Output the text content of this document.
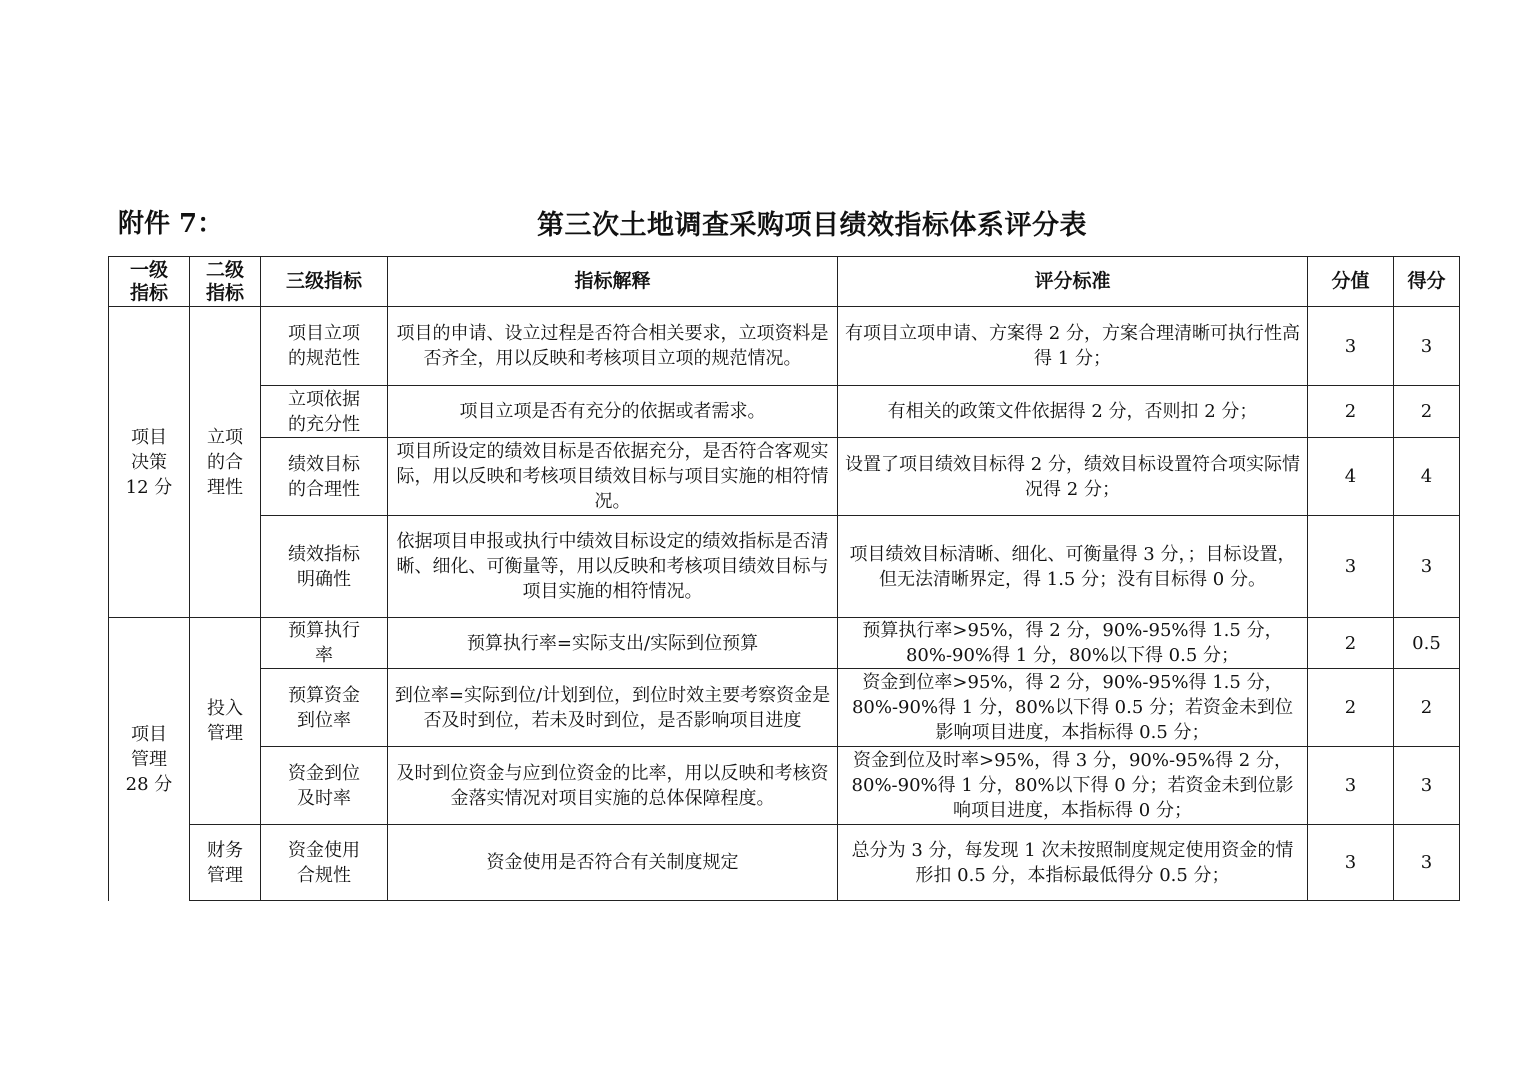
附件 7：	第三次土地调查采购项目绩效指标体系评分表
一级
指标	二级
指标	三级指标	指标解释	评分标准	分值	得分
项目
决策
12 分	立项
的合
理性	项目立项
的规范性	项目的申请、设立过程是否符合相关要求，立项资料是否齐全，用以反映和考核项目立项的规范情况。	有项目立项申请、方案得 2 分，方案合理清晰可执行性高得 1 分；	3	3
		立项依据
的充分性	项目立项是否有充分的依据或者需求。	有相关的政策文件依据得 2 分，否则扣 2 分；	2	2
		绩效目标
的合理性	项目所设定的绩效目标是否依据充分，是否符合客观实际，用以反映和考核项目绩效目标与项目实施的相符情况。	设置了项目绩效目标得 2 分，绩效目标设置符合项实际情况得 2 分；	4	4
		绩效指标
明确性	依据项目申报或执行中绩效目标设定的绩效指标是否清晰、细化、可衡量等，用以反映和考核项目绩效目标与项目实施的相符情况。	项目绩效目标清晰、细化、可衡量得 3 分，；目标设置，但无法清晰界定，得 1.5 分；没有目标得 0 分。	3	3
项目
管理
28 分	投入
管理	预算执行
率	预算执行率=实际支出/实际到位预算	预算执行率>95%，得 2 分，90%-95%得 1.5 分，80%-90%得 1 分，80%以下得 0.5 分；	2	0.5
		预算资金
到位率	到位率=实际到位/计划到位，到位时效主要考察资金是否及时到位，若未及时到位，是否影响项目进度	资金到位率>95%，得 2 分，90%-95%得 1.5 分，80%-90%得 1 分，80%以下得 0.5 分；若资金未到位影响项目进度，本指标得 0.5 分；	2	2
		资金到位
及时率	及时到位资金与应到位资金的比率，用以反映和考核资金落实情况对项目实施的总体保障程度。	资金到位及时率>95%，得 3 分，90%-95%得 2 分，80%-90%得 1 分，80%以下得 0 分；若资金未到位影响项目进度，本指标得 0 分；	3	3
	财务
管理	资金使用
合规性	资金使用是否符合有关制度规定	总分为 3 分，每发现 1 次未按照制度规定使用资金的情形扣 0.5 分，本指标最低得分 0.5 分；	3	3
